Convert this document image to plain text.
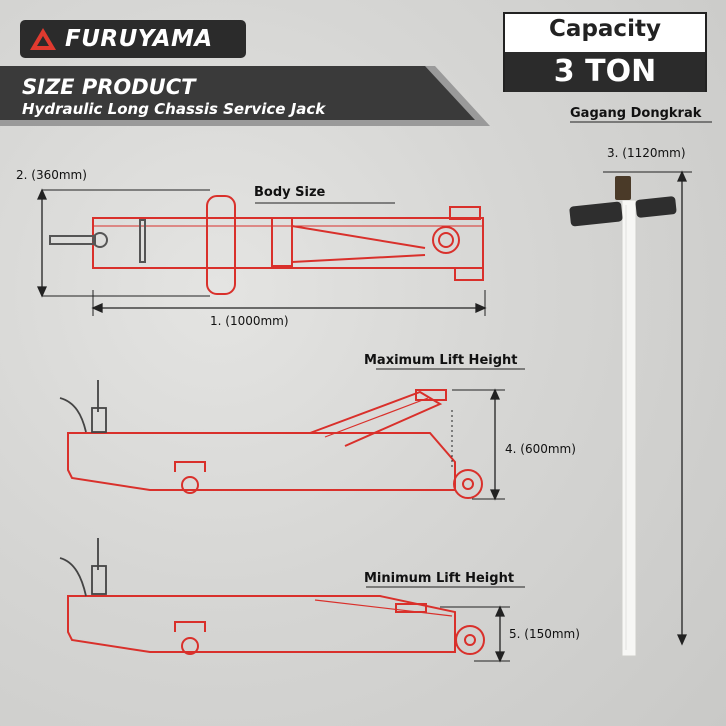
FURUYAMA
SIZE PRODUCT
Hydraulic Long Chassis Service Jack
Capacity
3 TON
Gagang Dongkrak
3. (1120mm)
2. (360mm)
Body Size
1. (1000mm)
Maximum Lift Height
4. (600mm)
Minimum Lift Height
5. (150mm)
